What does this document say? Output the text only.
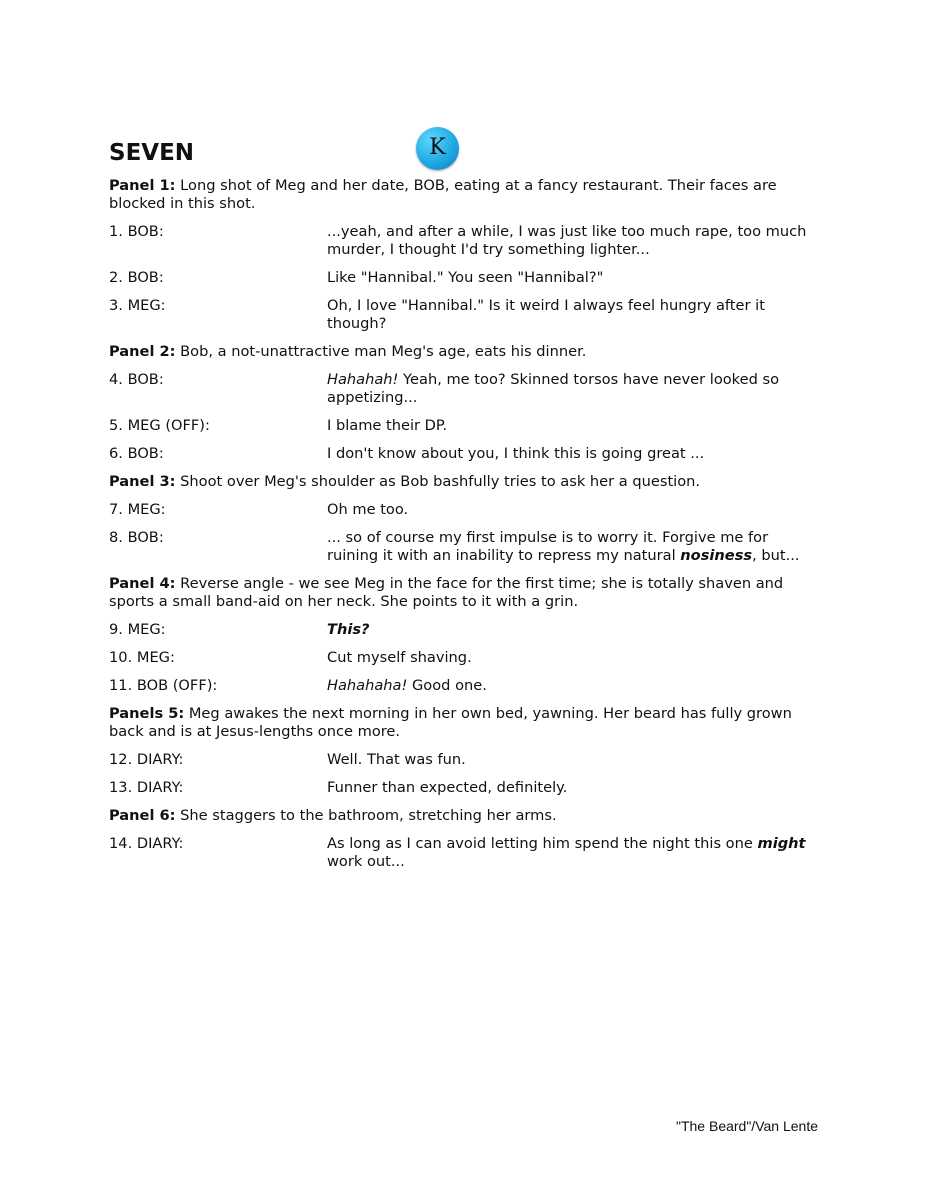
SEVEN	K
Panel 1: Long shot of Meg and her date, BOB, eating at a fancy restaurant. Their faces are blocked in this shot.
1. BOB:	...yeah, and after a while, I was just like too much rape, too much murder, I thought I'd try something lighter...
2. BOB:	Like "Hannibal." You seen "Hannibal?"
3. MEG:	Oh, I love "Hannibal." Is it weird I always feel hungry after it though?
Panel 2: Bob, a not-unattractive man Meg's age, eats his dinner.
4. BOB:	Hahahah! Yeah, me too? Skinned torsos have never looked so appetizing...
5. MEG (OFF):	I blame their DP.
6. BOB:	I don't know about you, I think this is going great ...
Panel 3: Shoot over Meg's shoulder as Bob bashfully tries to ask her a question.
7. MEG:	Oh me too.
8. BOB:	... so of course my first impulse is to worry it. Forgive me for ruining it with an inability to repress my natural nosiness, but...
Panel 4: Reverse angle - we see Meg in the face for the first time; she is totally shaven and sports a small band-aid on her neck. She points to it with a grin.
9. MEG:	This?
10. MEG:	Cut myself shaving.
11. BOB (OFF):	Hahahaha! Good one.
Panels 5: Meg awakes the next morning in her own bed, yawning. Her beard has fully grown back and is at Jesus-lengths once more.
12. DIARY:	Well. That was fun.
13. DIARY:	Funner than expected, definitely.
Panel 6: She staggers to the bathroom, stretching her arms.
14. DIARY:	As long as I can avoid letting him spend the night this one might work out...
"The Beard"/Van Lente
